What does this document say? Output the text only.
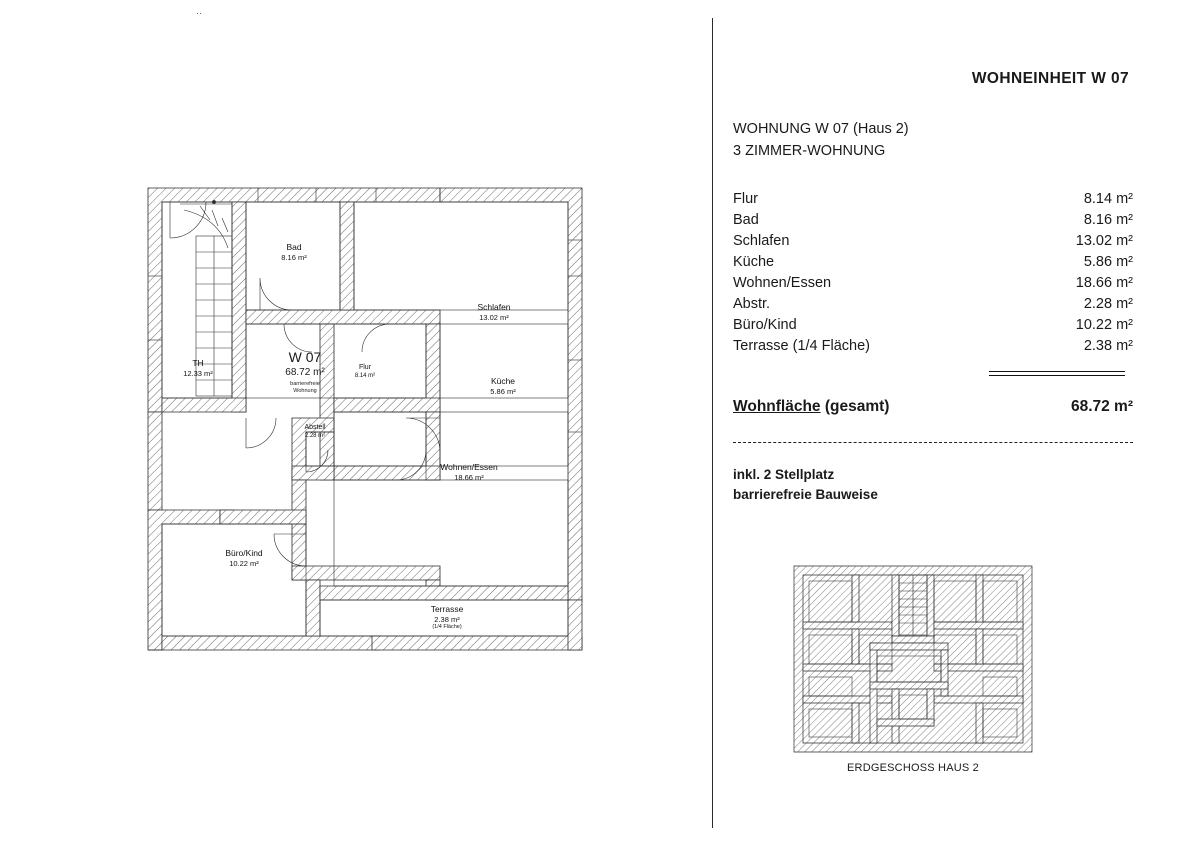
··
TH
12.33 m²
Bad
8.16 m²
Schlafen
13.02 m²
Flur
8.14 m²
Küche
5.86 m²
Abstell
2.28 m²
Wohnen/Essen
18.66 m²
Büro/Kind
10.22 m²
Terrasse
2.38 m²
(1/4 Fläche)
W 07
68.72 m²
barrierefreie
Wohnung
WOHNEINHEIT W 07
WOHNUNG W 07 (Haus 2)
3 ZIMMER-WOHNUNG
Flur	8.14 m²
Bad	8.16 m²
Schlafen	13.02 m²
Küche	5.86 m²
Wohnen/Essen	18.66 m²
Abstr.	2.28 m²
Büro/Kind	10.22 m²
Terrasse (1/4 Fläche)	2.38 m²
Wohnfläche (gesamt)	68.72 m²
inkl. 2 Stellplatz
barrierefreie Bauweise
ERDGESCHOSS HAUS 2
